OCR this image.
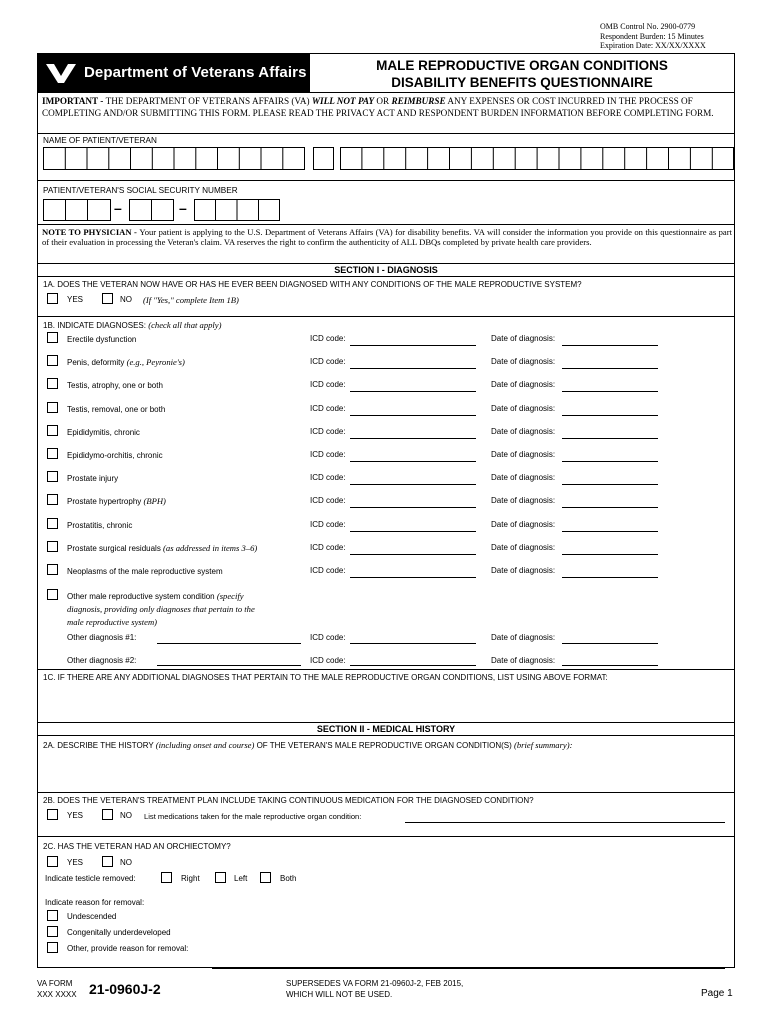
OMB Control No. 2900-0779
Respondent Burden: 15 Minutes
Expiration Date: XX/XX/XXXX
Department of Veterans Affairs	MALE REPRODUCTIVE ORGAN CONDITIONS
DISABILITY BENEFITS QUESTIONNAIRE
IMPORTANT - THE DEPARTMENT OF VETERANS AFFAIRS (VA) WILL NOT PAY OR REIMBURSE ANY EXPENSES OR COST INCURRED IN THE PROCESS OF COMPLETING AND/OR SUBMITTING THIS FORM. PLEASE READ THE PRIVACY ACT AND RESPONDENT BURDEN INFORMATION BEFORE COMPLETING FORM.
NAME OF PATIENT/VETERAN
PATIENT/VETERAN'S SOCIAL SECURITY NUMBER
–	–
NOTE TO PHYSICIAN - Your patient is applying to the U.S. Department of Veterans Affairs (VA) for disability benefits. VA will consider the information you provide on this questionnaire as part of their evaluation in processing the Veteran's claim. VA reserves the right to confirm the authenticity of ALL DBQs completed by private health care providers.
SECTION I - DIAGNOSIS
1A. DOES THE VETERAN NOW HAVE OR HAS HE EVER BEEN DIAGNOSED WITH ANY CONDITIONS OF THE MALE REPRODUCTIVE SYSTEM?
YES	NO (If "Yes," complete Item 1B)
1B. INDICATE DIAGNOSES: (check all that apply)
Erectile dysfunction	ICD code:	Date of diagnosis:
Penis, deformity (e.g., Peyronie's)	ICD code:	Date of diagnosis:
Testis, atrophy, one or both	ICD code:	Date of diagnosis:
Testis, removal, one or both	ICD code:	Date of diagnosis:
Epididymitis, chronic	ICD code:	Date of diagnosis:
Epididymo-orchitis, chronic	ICD code:	Date of diagnosis:
Prostate injury	ICD code:	Date of diagnosis:
Prostate hypertrophy (BPH)	ICD code:	Date of diagnosis:
Prostatitis, chronic	ICD code:	Date of diagnosis:
Prostate surgical residuals (as addressed in items 3–6)	ICD code:	Date of diagnosis:
Neoplasms of the male reproductive system	ICD code:	Date of diagnosis:
Other male reproductive system condition (specify
diagnosis, providing only diagnoses that pertain to the
male reproductive system)
Other diagnosis #1:	ICD code:	Date of diagnosis:
Other diagnosis #2:	ICD code:	Date of diagnosis:
1C. IF THERE ARE ANY ADDITIONAL DIAGNOSES THAT PERTAIN TO THE MALE REPRODUCTIVE ORGAN CONDITIONS, LIST USING ABOVE FORMAT:
SECTION II - MEDICAL HISTORY
2A. DESCRIBE THE HISTORY (including onset and course) OF THE VETERAN'S MALE REPRODUCTIVE ORGAN CONDITION(S) (brief summary):
2B. DOES THE VETERAN'S TREATMENT PLAN INCLUDE TAKING CONTINUOUS MEDICATION FOR THE DIAGNOSED CONDITION?
YES	NO List medications taken for the male reproductive organ condition:
2C. HAS THE VETERAN HAD AN ORCHIECTOMY?
YES	NO
Indicate testicle removed:	Right	Left	Both
Indicate reason for removal:
Undescended
Congenitally underdeveloped
Other, provide reason for removal:
VA FORM
XXX XXXX 21-0960J-2	SUPERSEDES VA FORM 21-0960J-2, FEB 2015,
WHICH WILL NOT BE USED.	Page 1
